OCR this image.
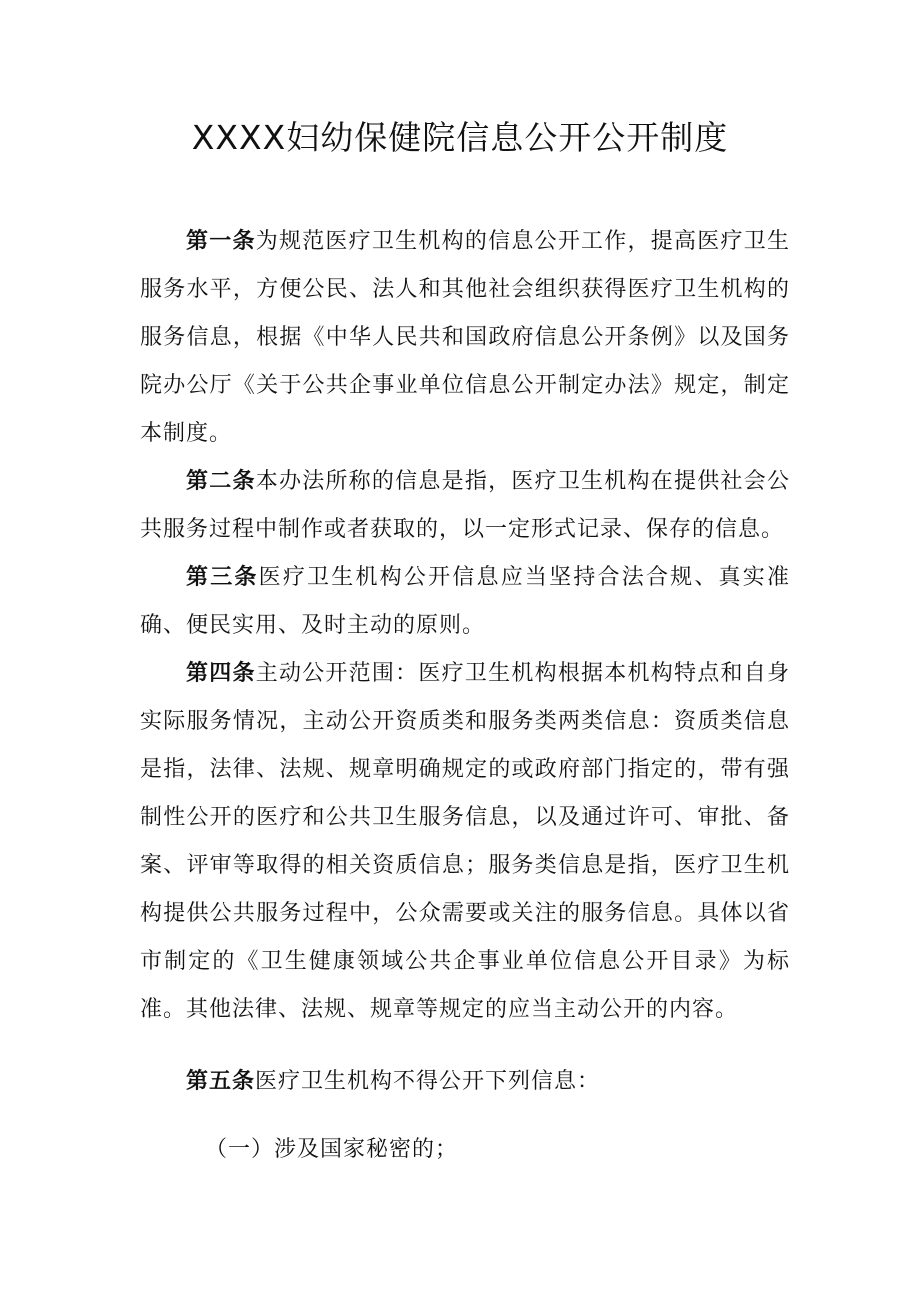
XXXX妇幼保健院信息公开公开制度

第一条为规范医疗卫生机构的信息公开工作，提高医疗卫生服务水平，方便公民、法人和其他社会组织获得医疗卫生机构的服务信息，根据《中华人民共和国政府信息公开条例》以及国务院办公厅《关于公共企事业单位信息公开制定办法》规定，制定本制度。

第二条本办法所称的信息是指，医疗卫生机构在提供社会公共服务过程中制作或者获取的，以一定形式记录、保存的信息。

第三条医疗卫生机构公开信息应当坚持合法合规、真实准确、便民实用、及时主动的原则。

第四条主动公开范围：医疗卫生机构根据本机构特点和自身实际服务情况，主动公开资质类和服务类两类信息：资质类信息是指，法律、法规、规章明确规定的或政府部门指定的，带有强制性公开的医疗和公共卫生服务信息，以及通过许可、审批、备案、评审等取得的相关资质信息；服务类信息是指，医疗卫生机构提供公共服务过程中，公众需要或关注的服务信息。具体以省市制定的《卫生健康领域公共企事业单位信息公开目录》为标准。其他法律、法规、规章等规定的应当主动公开的内容。

第五条医疗卫生机构不得公开下列信息：

（一）涉及国家秘密的；
